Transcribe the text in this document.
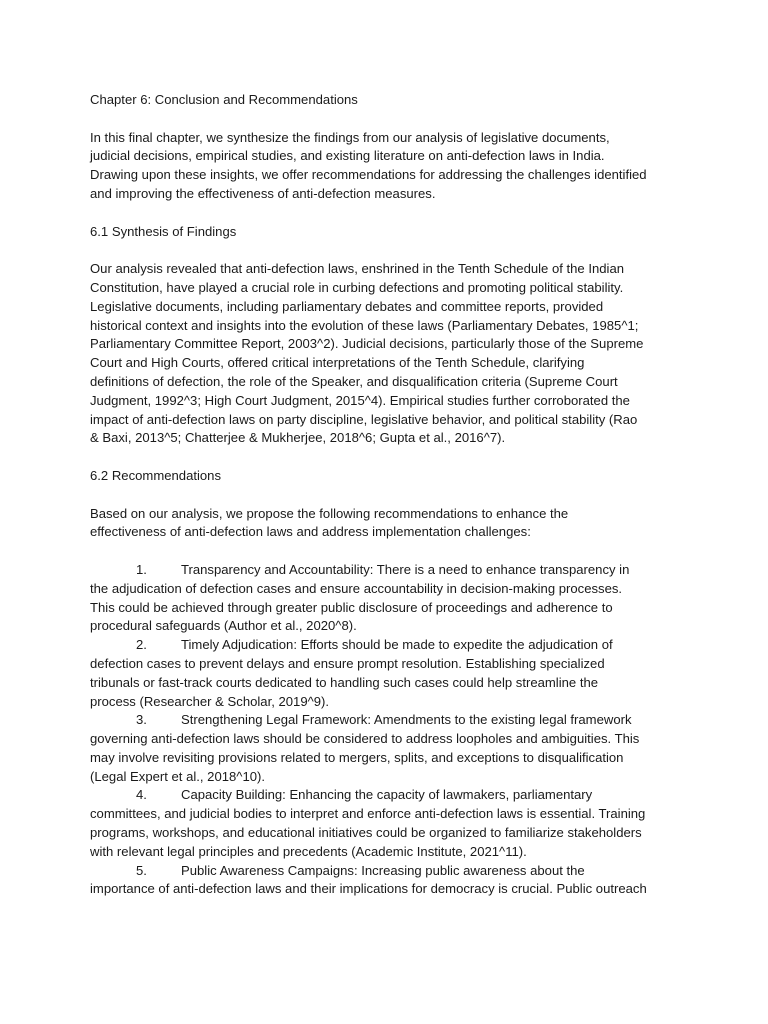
Chapter 6: Conclusion and Recommendations

In this final chapter, we synthesize the findings from our analysis of legislative documents,
judicial decisions, empirical studies, and existing literature on anti-defection laws in India.
Drawing upon these insights, we offer recommendations for addressing the challenges identified
and improving the effectiveness of anti-defection measures.

6.1 Synthesis of Findings

Our analysis revealed that anti-defection laws, enshrined in the Tenth Schedule of the Indian
Constitution, have played a crucial role in curbing defections and promoting political stability.
Legislative documents, including parliamentary debates and committee reports, provided
historical context and insights into the evolution of these laws (Parliamentary Debates, 1985^1;
Parliamentary Committee Report, 2003^2). Judicial decisions, particularly those of the Supreme
Court and High Courts, offered critical interpretations of the Tenth Schedule, clarifying
definitions of defection, the role of the Speaker, and disqualification criteria (Supreme Court
Judgment, 1992^3; High Court Judgment, 2015^4). Empirical studies further corroborated the
impact of anti-defection laws on party discipline, legislative behavior, and political stability (Rao
& Baxi, 2013^5; Chatterjee & Mukherjee, 2018^6; Gupta et al., 2016^7).

6.2 Recommendations

Based on our analysis, we propose the following recommendations to enhance the
effectiveness of anti-defection laws and address implementation challenges:

1.	Transparency and Accountability: There is a need to enhance transparency in
the adjudication of defection cases and ensure accountability in decision-making processes.
This could be achieved through greater public disclosure of proceedings and adherence to
procedural safeguards (Author et al., 2020^8).

2.	Timely Adjudication: Efforts should be made to expedite the adjudication of
defection cases to prevent delays and ensure prompt resolution. Establishing specialized
tribunals or fast-track courts dedicated to handling such cases could help streamline the
process (Researcher & Scholar, 2019^9).

3.	Strengthening Legal Framework: Amendments to the existing legal framework
governing anti-defection laws should be considered to address loopholes and ambiguities. This
may involve revisiting provisions related to mergers, splits, and exceptions to disqualification
(Legal Expert et al., 2018^10).

4.	Capacity Building: Enhancing the capacity of lawmakers, parliamentary
committees, and judicial bodies to interpret and enforce anti-defection laws is essential. Training
programs, workshops, and educational initiatives could be organized to familiarize stakeholders
with relevant legal principles and precedents (Academic Institute, 2021^11).

5.	Public Awareness Campaigns: Increasing public awareness about the
importance of anti-defection laws and their implications for democracy is crucial. Public outreach
